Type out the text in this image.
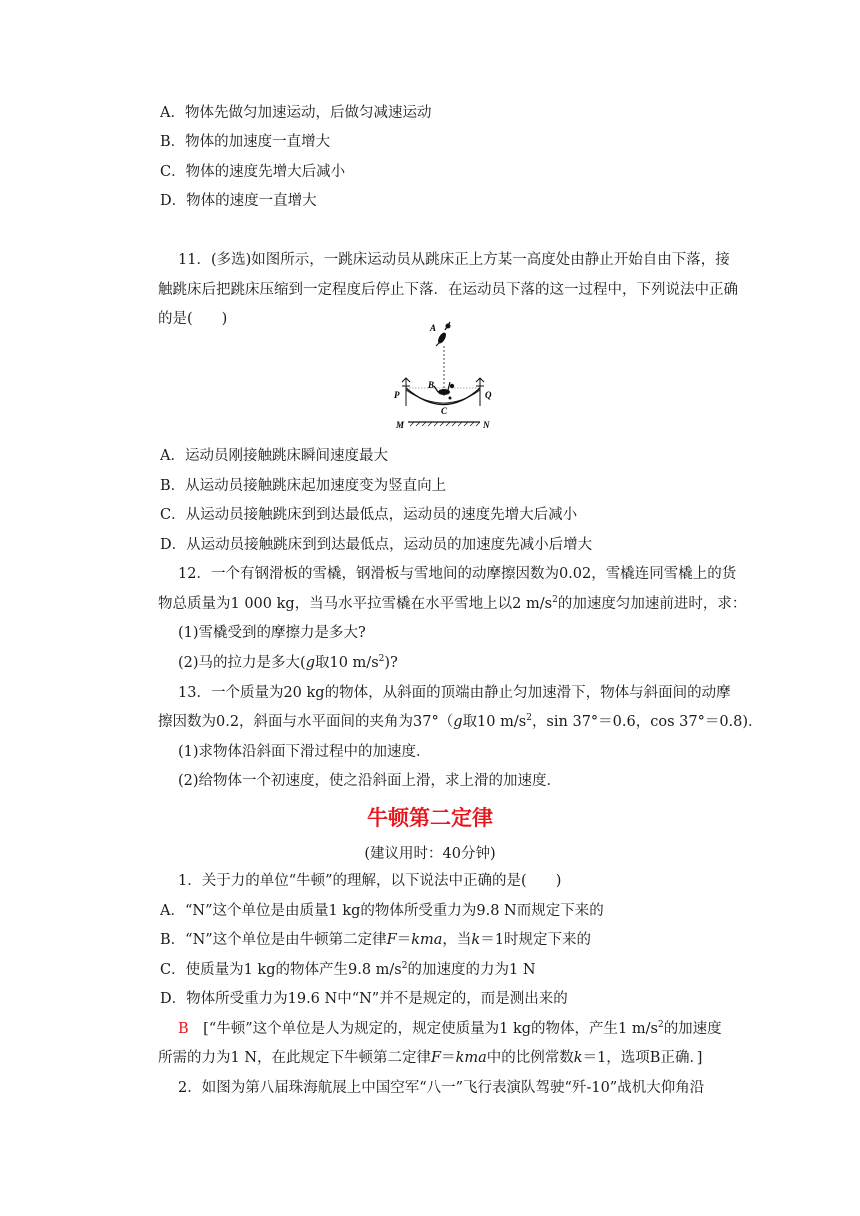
A．物体先做匀加速运动，后做匀减速运动
B．物体的加速度一直增大
C．物体的速度先增大后减小
D．物体的速度一直增大
11．(多选)如图所示，一跳床运动员从跳床正上方某一高度处由静止开始自由下落，接
触跳床后把跳床压缩到一定程度后停止下落．在运动员下落的这一过程中，下列说法中正确
的是(　　)
A
B
C
P	Q
M	N
A．运动员刚接触跳床瞬间速度最大
B．从运动员接触跳床起加速度变为竖直向上
C．从运动员接触跳床到到达最低点，运动员的速度先增大后减小
D．从运动员接触跳床到到达最低点，运动员的加速度先减小后增大
12．一个有钢滑板的雪橇，钢滑板与雪地间的动摩擦因数为0.02，雪橇连同雪橇上的货
物总质量为1 000 kg，当马水平拉雪橇在水平雪地上以2 $m/s^2$的加速度匀加速前进时，求：
(1)雪橇受到的摩擦力是多大?
(2)马的拉力是多大(g取10 $m/s^2$)?
13．一个质量为20 kg的物体，从斜面的顶端由静止匀加速滑下，物体与斜面间的动摩
擦因数为0.2，斜面与水平面间的夹角为37°（g取10 $m/s^2$，sin 37°＝0.6，cos 37°＝0.8)．
(1)求物体沿斜面下滑过程中的加速度．
(2)给物体一个初速度，使之沿斜面上滑，求上滑的加速度．
牛顿第二定律
(建议用时：40分钟)
1．关于力的单位“牛顿”的理解，以下说法中正确的是(　　)
A．“N”这个单位是由质量1 kg的物体所受重力为9.8 N而规定下来的
B．“N”这个单位是由牛顿第二定律F＝kma，当k＝1时规定下来的
C．使质量为1 kg的物体产生9.8 $m/s^2$的加速度的力为1 N
D．物体所受重力为19.6 N中“N”并不是规定的，而是测出来的
B　 [“牛顿”这个单位是人为规定的，规定使质量为1 kg的物体，产生1 $m/s^2$的加速度
所需的力为1 N，在此规定下牛顿第二定律F＝kma中的比例常数k＝1，选项B正确．]
2．如图为第八届珠海航展上中国空军“八一”飞行表演队驾驶“歼-10”战机大仰角沿
